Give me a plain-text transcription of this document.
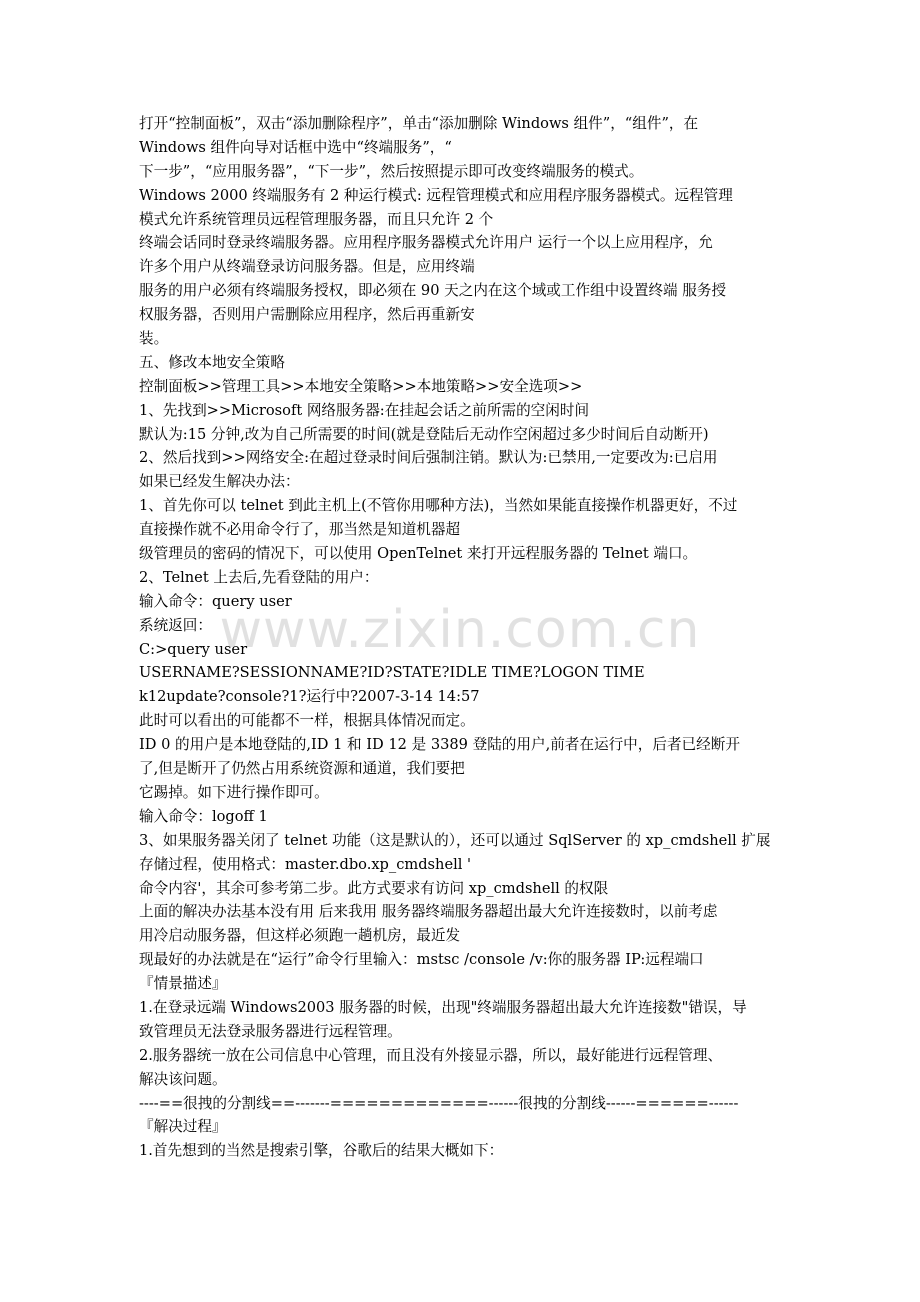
打开“控制面板”，双击“添加删除程序”，单击“添加删除 Windows 组件”，“组件”，在
Windows 组件向导对话框中选中“终端服务”，“
下一步”，“应用服务器”，“下一步”，然后按照提示即可改变终端服务的模式。
Windows 2000 终端服务有 2 种运行模式: 远程管理模式和应用程序服务器模式。远程管理
模式允许系统管理员远程管理服务器，而且只允许 2 个
终端会话同时登录终端服务器。应用程序服务器模式允许用户 运行一个以上应用程序，允
许多个用户从终端登录访问服务器。但是，应用终端
服务的用户必须有终端服务授权，即必须在 90 天之内在这个域或工作组中设置终端 服务授
权服务器，否则用户需删除应用程序，然后再重新安
装。
五、修改本地安全策略
控制面板>>管理工具>>本地安全策略>>本地策略>>安全选项>>
1、先找到>>Microsoft 网络服务器:在挂起会话之前所需的空闲时间
默认为:15 分钟,改为自己所需要的时间(就是登陆后无动作空闲超过多少时间后自动断开)
2、然后找到>>网络安全:在超过登录时间后强制注销。默认为:已禁用,一定要改为:已启用
如果已经发生解决办法：
1、首先你可以 telnet 到此主机上(不管你用哪种方法)，当然如果能直接操作机器更好，不过
直接操作就不必用命令行了，那当然是知道机器超
级管理员的密码的情况下，可以使用 OpenTelnet 来打开远程服务器的 Telnet 端口。
2、Telnet 上去后,先看登陆的用户：
输入命令：query user
系统返回：
C:>query user
USERNAME?SESSIONNAME?ID?STATE?IDLE TIME?LOGON TIME
k12update?console?1?运行中?2007-3-14 14:57
此时可以看出的可能都不一样，根据具体情况而定。
ID 0 的用户是本地登陆的,ID 1 和 ID 12 是 3389 登陆的用户,前者在运行中，后者已经断开
了,但是断开了仍然占用系统资源和通道，我们要把
它踢掉。如下进行操作即可。
输入命令：logoff 1
3、如果服务器关闭了 telnet 功能（这是默认的），还可以通过 SqlServer 的 xp_cmdshell 扩展
存储过程，使用格式：master.dbo.xp_cmdshell '
命令内容'，其余可参考第二步。此方式要求有访问 xp_cmdshell 的权限
上面的解决办法基本没有用 后来我用 服务器终端服务器超出最大允许连接数时，以前考虑
用冷启动服务器，但这样必须跑一趟机房，最近发
现最好的办法就是在“运行”命令行里输入：mstsc /console /v:你的服务器 IP:远程端口
『情景描述』
1.在登录远端 Windows2003 服务器的时候，出现"终端服务器超出最大允许连接数"错误，导
致管理员无法登录服务器进行远程管理。
2.服务器统一放在公司信息中心管理，而且没有外接显示器，所以，最好能进行远程管理、
解决该问题。
----==很拽的分割线==-------=============------很拽的分割线------======------
『解决过程』
1.首先想到的当然是搜索引擎，谷歌后的结果大概如下：
www.zixin.com.cn
